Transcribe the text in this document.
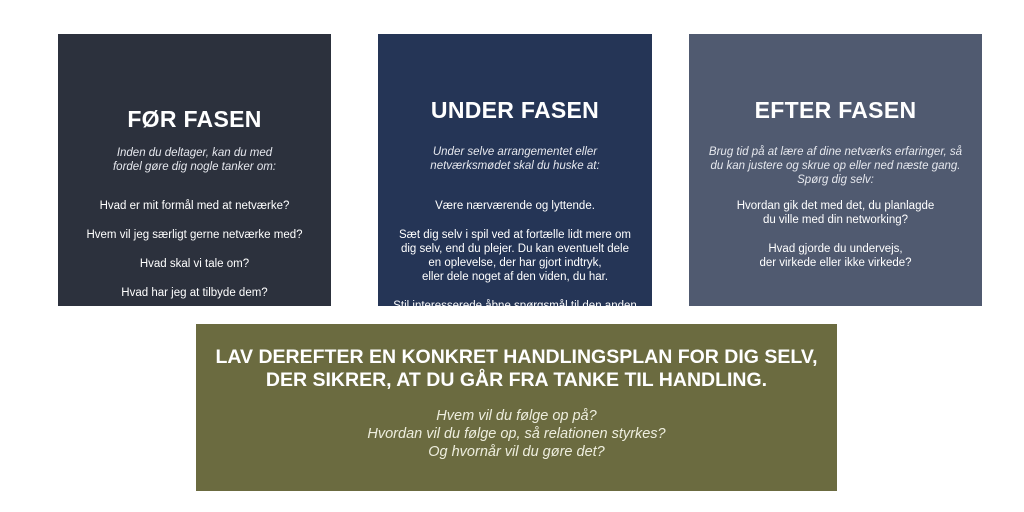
FØR FASEN

Inden du deltager, kan du med
fordel gøre dig nogle tanker om:

Hvad er mit formål med at netværke?
Hvem vil jeg særligt gerne netværke med?
Hvad skal vi tale om?
Hvad har jeg at tilbyde dem?
UNDER FASEN

Under selve arrangementet eller
netværksmødet skal du huske at:

Være nærværende og lyttende.
Sæt dig selv i spil ved at fortælle lidt mere om
dig selv, end du plejer. Du kan eventuelt dele
en oplevelse, der har gjort indtryk,
eller dele noget af den viden, du har.
Stil interesserede åbne spørgsmål til den anden
EFTER FASEN

Brug tid på at lære af dine netværks erfaringer, så
du kan justere og skrue op eller ned næste gang.
Spørg dig selv:

Hvordan gik det med det, du planlagde
du ville med din networking?
Hvad gjorde du undervejs,
der virkede eller ikke virkede?
LAV DEREFTER EN KONKRET HANDLINGSPLAN FOR DIG SELV,
DER SIKRER, AT DU GÅR FRA TANKE TIL HANDLING.
Hvem vil du følge op på?
Hvordan vil du følge op, så relationen styrkes?
Og hvornår vil du gøre det?
